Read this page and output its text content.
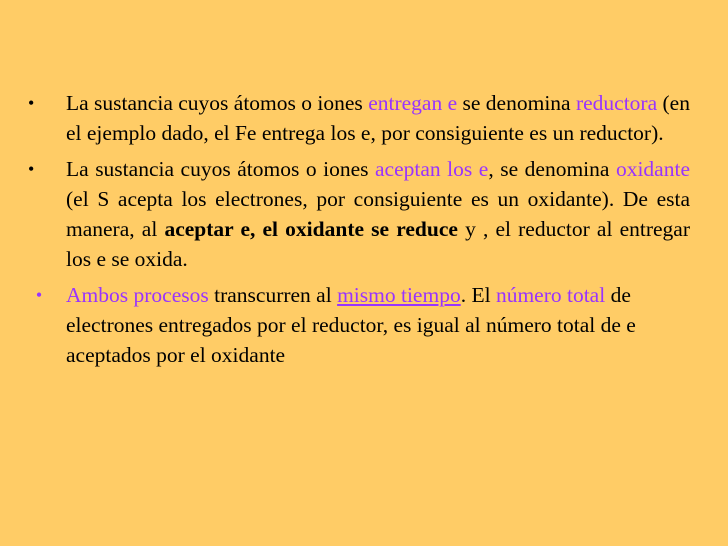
•	La sustancia cuyos átomos o iones entregan e se denomina reductora (en el ejemplo dado, el Fe entrega los e, por consiguiente es un reductor).
•	La sustancia cuyos átomos o iones aceptan los e, se denomina oxidante (el S acepta los electrones, por consiguiente es un oxidante). De esta manera, al aceptar e, el oxidante se reduce y , el reductor al entregar los e se oxida.
•	Ambos procesos transcurren al mismo tiempo. El número total de electrones entregados por el reductor, es igual al número total de e aceptados por el oxidante
